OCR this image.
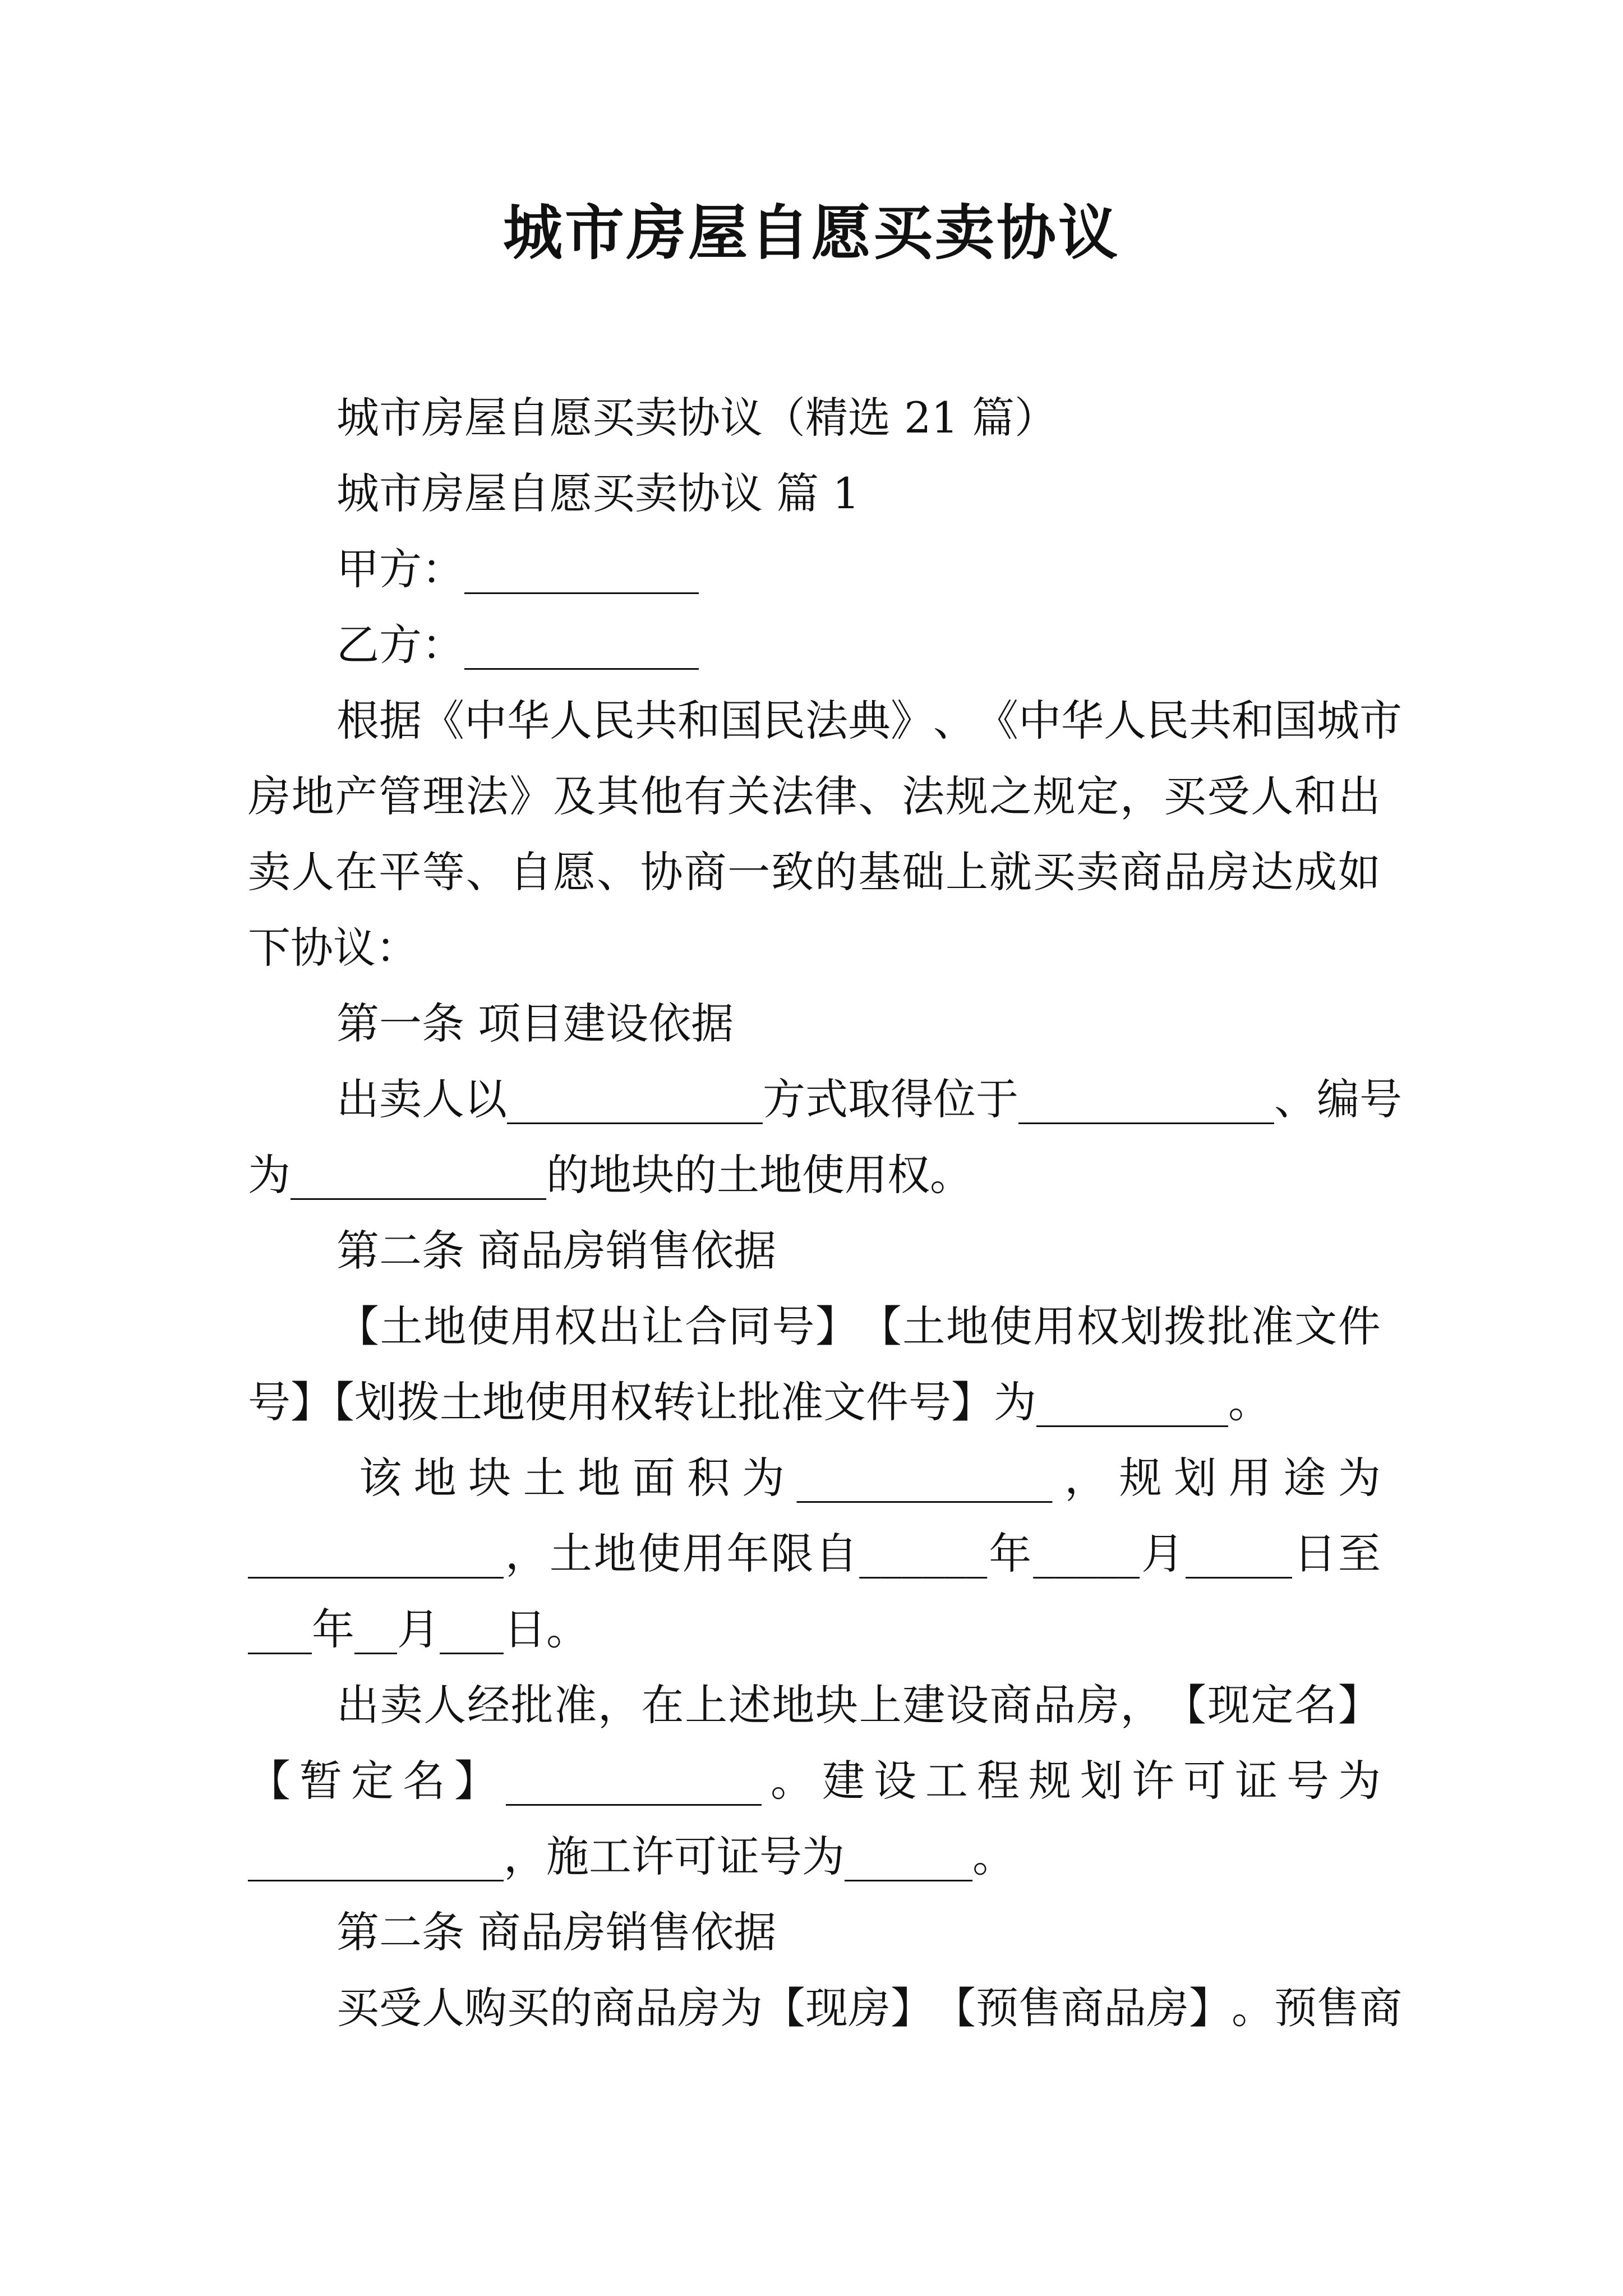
城市房屋自愿买卖协议
城市房屋自愿买卖协议（精选 21 篇）
城市房屋自愿买卖协议 篇 1
甲方：___________
乙方：___________
根 据 《 中 华 人 民 共 和 国 民 法 典 》 、 《 中 华 人 民 共 和 国 城 市
房 地 产 管 理 法 》 及 其 他 有 关 法 律 、 法 规 之 规 定 ， 买 受 人 和 出
卖 人 在 平 等 、 自 愿 、 协 商 一 致 的 基 础 上 就 买 卖 商 品 房 达 成 如
下协议：
第一条 项目建设依据
出卖人以____________方式取得位于____________、编号
为____________的地块的土地使用权。
第二条 商品房销售依据
【 土 地 使 用 权 出 让 合 同 号 】 【 土 地 使 用 权 划 拨 批 准 文 件
号】【划拨土地使用权转让批准文件号】为_________。
该 地 块 土 地 面 积 为 ____________ ， 规 划 用 途 为
____________ ， 土 地 使 用 年 限 自 ______ 年 _____ 月 _____ 日 至
___年__月___日。
出 卖 人 经 批 准 ， 在 上 述 地 块 上 建 设 商 品 房 ， 【 现 定 名 】
【 暂 定 名 】 ____________ 。 建 设 工 程 规 划 许 可 证 号 为
____________，施工许可证号为______。
第二条 商品房销售依据
买 受 人 购 买 的 商 品 房 为 【 现 房 】 【 预 售 商 品 房 】 。 预 售 商
